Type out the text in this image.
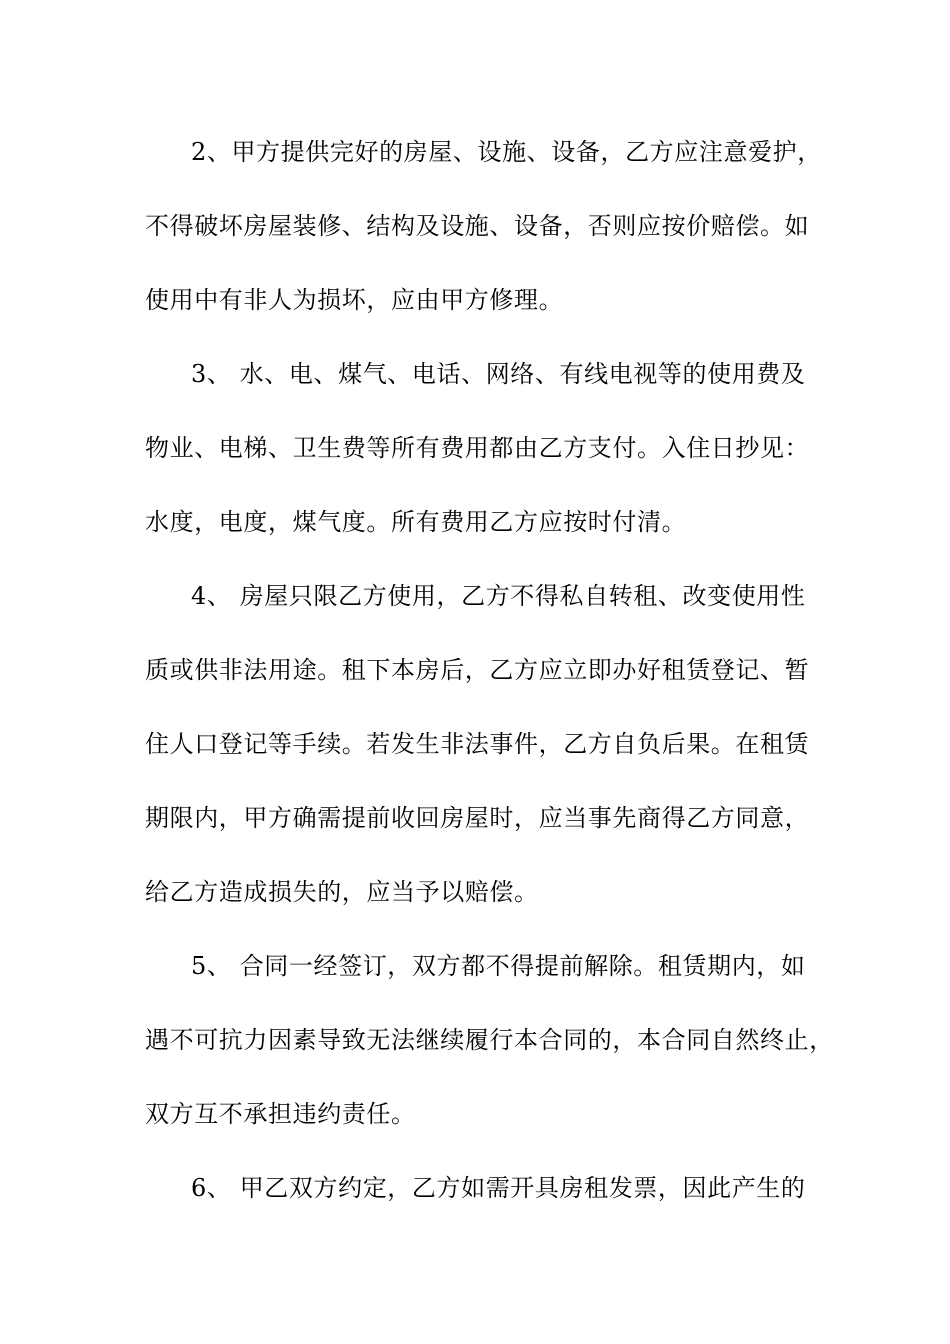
2、甲方提供完好的房屋、设施、设备，乙方应注意爱护，
不得破坏房屋装修、结构及设施、设备，否则应按价赔偿。如
使用中有非人为损坏，应由甲方修理。
3、 水、电、煤气、电话、网络、有线电视等的使用费及
物业、电梯、卫生费等所有费用都由乙方支付。入住日抄见：
水度，电度，煤气度。所有费用乙方应按时付清。
4、 房屋只限乙方使用，乙方不得私自转租、改变使用性
质或供非法用途。租下本房后，乙方应立即办好租赁登记、暂
住人口登记等手续。若发生非法事件，乙方自负后果。在租赁
期限内，甲方确需提前收回房屋时，应当事先商得乙方同意，
给乙方造成损失的，应当予以赔偿。
5、 合同一经签订，双方都不得提前解除。租赁期内，如
遇不可抗力因素导致无法继续履行本合同的，本合同自然终止，
双方互不承担违约责任。
6、 甲乙双方约定，乙方如需开具房租发票，因此产生的
